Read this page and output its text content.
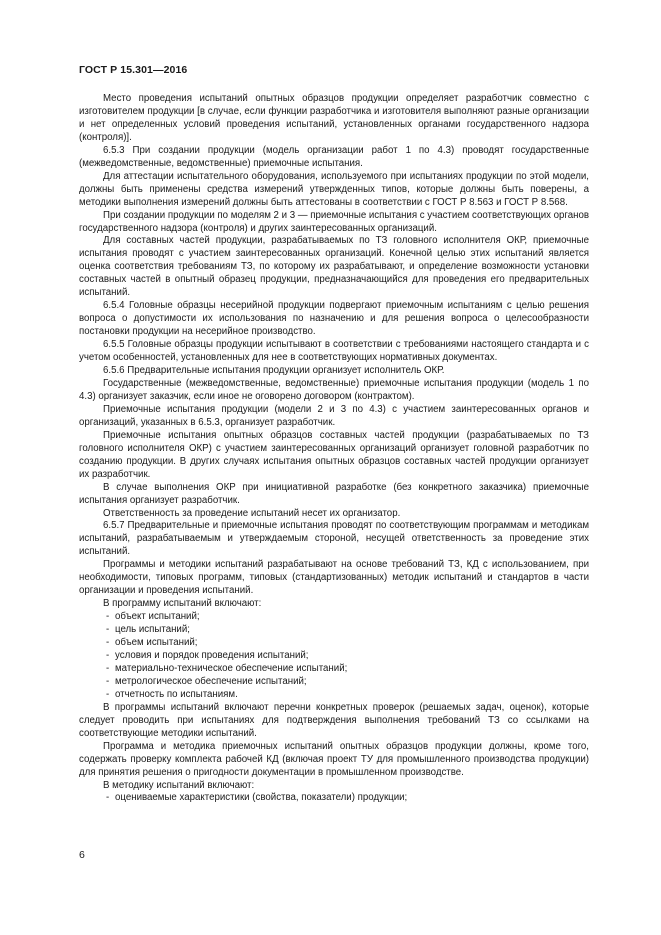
ГОСТ Р 15.301—2016

Место проведения испытаний опытных образцов продукции определяет разработчик совместно с изготовителем продукции [в случае, если функции разработчика и изготовителя выполняют разные организации и нет определенных условий проведения испытаний, установленных органами государственного надзора (контроля)].

6.5.3 При создании продукции (модель организации работ 1 по 4.3) проводят государственные (межведомственные, ведомственные) приемочные испытания.

Для аттестации испытательного оборудования, используемого при испытаниях продукции по этой модели, должны быть применены средства измерений утвержденных типов, которые должны быть поверены, а методики выполнения измерений должны быть аттестованы в соответствии с ГОСТ Р 8.563 и ГОСТ Р 8.568.

При создании продукции по моделям 2 и 3 — приемочные испытания с участием соответствующих органов государственного надзора (контроля) и других заинтересованных организаций.

Для составных частей продукции, разрабатываемых по ТЗ головного исполнителя ОКР, приемочные испытания проводят с участием заинтересованных организаций. Конечной целью этих испытаний является оценка соответствия требованиям ТЗ, по которому их разрабатывают, и определение возможности установки составных частей в опытный образец продукции, предназначающийся для проведения его предварительных испытаний.

6.5.4 Головные образцы несерийной продукции подвергают приемочным испытаниям с целью решения вопроса о допустимости их использования по назначению и для решения вопроса о целесообразности постановки продукции на несерийное производство.

6.5.5 Головные образцы продукции испытывают в соответствии с требованиями настоящего стандарта и с учетом особенностей, установленных для нее в соответствующих нормативных документах.

6.5.6 Предварительные испытания продукции организует исполнитель ОКР.

Государственные (межведомственные, ведомственные) приемочные испытания продукции (модель 1 по 4.3) организует заказчик, если иное не оговорено договором (контрактом).

Приемочные испытания продукции (модели 2 и 3 по 4.3) с участием заинтересованных органов и организаций, указанных в 6.5.3, организует разработчик.

Приемочные испытания опытных образцов составных частей продукции (разрабатываемых по ТЗ головного исполнителя ОКР) с участием заинтересованных организаций организует головной разработчик по созданию продукции. В других случаях испытания опытных образцов составных частей продукции организует их разработчик.

В случае выполнения ОКР при инициативной разработке (без конкретного заказчика) приемочные испытания организует разработчик.

Ответственность за проведение испытаний несет их организатор.

6.5.7 Предварительные и приемочные испытания проводят по соответствующим программам и методикам испытаний, разрабатываемым и утверждаемым стороной, несущей ответственность за проведение этих испытаний.

Программы и методики испытаний разрабатывают на основе требований ТЗ, КД с использованием, при необходимости, типовых программ, типовых (стандартизованных) методик испытаний и стандартов в части организации и проведения испытаний.

В программу испытаний включают:

- объект испытаний;
- цель испытаний;
- объем испытаний;
- условия и порядок проведения испытаний;
- материально-техническое обеспечение испытаний;
- метрологическое обеспечение испытаний;
- отчетность по испытаниям.

В программы испытаний включают перечни конкретных проверок (решаемых задач, оценок), которые следует проводить при испытаниях для подтверждения выполнения требований ТЗ со ссылками на соответствующие методики испытаний.

Программа и методика приемочных испытаний опытных образцов продукции должны, кроме того, содержать проверку комплекта рабочей КД (включая проект ТУ для промышленного производства продукции) для принятия решения о пригодности документации в промышленном производстве.

В методику испытаний включают:

- оцениваемые характеристики (свойства, показатели) продукции;
6
